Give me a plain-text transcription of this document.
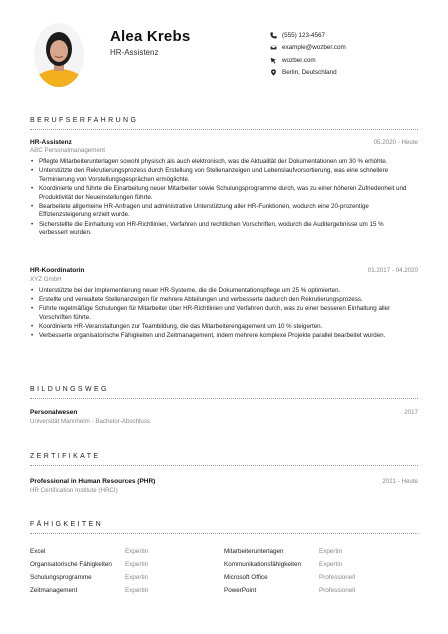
Alea Krebs
HR-Assistenz
(555) 123-4567
example@wozber.com
wozber.com
Berlin, Deutschland
BERUFSERFAHRUNG
HR-Assistenz	05.2020 - Heute
ABC Personalmanagement
• Pflegte Mitarbeiterunterlagen sowohl physisch als auch elektronisch, was die Aktualität der Dokumentationen um 30 % erhöhte.
• Unterstützte den Rekrutierungsprozess durch Erstellung von Stellenanzeigen und Lebenslaufvorsortierung, was eine schnellere Terminierung von Vorstellungsgesprächen ermöglichte.
• Koordinierte und führte die Einarbeitung neuer Mitarbeiter sowie Schulungsprogramme durch, was zu einer höheren Zufriedenheit und Produktivität der Neueinstellungen führte.
• Bearbeitete allgemeine HR-Anfragen und administrative Unterstützung aller HR-Funktionen, wodurch eine 20-prozentige Effizienzsteigerung erzielt wurde.
• Sicherstellte die Einhaltung von HR-Richtlinien, Verfahren und rechtlichen Vorschriften, wodurch die Auditergebnisse um 15 % verbessert wurden.
HR-Koordinatorin	01.2017 - 04.2020
XYZ GmbH
• Unterstützte bei der Implementierung neuer HR-Systeme, die die Dokumentationspflege um 25 % optimierten.
• Erstellte und verwaltete Stellenanzeigen für mehrere Abteilungen und verbesserte dadurch den Rekrutierungsprozess.
• Führte regelmäßige Schulungen für Mitarbeiter über HR-Richtlinien und Verfahren durch, was zu einer besseren Einhaltung aller Vorschriften führte.
• Koordinierte HR-Veranstaltungen zur Teambildung, die das Mitarbeiterengagement um 10 % steigerten.
• Verbesserte organisatorische Fähigkeiten und Zeitmanagement, indem mehrere komplexe Projekte parallel bearbeitet wurden.
BILDUNGSWEG
Personalwesen	2017
Universität Mannheim - Bachelor-Abschluss
ZERTIFIKATE
Professional in Human Resources (PHR)	2021 - Heute
HR Certification Institute (HRCI)
FÄHIGKEITEN
Excel	Expertin	Mitarbeiterunterlagen	Expertin
Organisatorische Fähigkeiten	Expertin	Kommunikationsfähigkeiten	Expertin
Schulungsprogramme	Expertin	Microsoft Office	Professionell
Zeitmanagement	Expertin	PowerPoint	Professionell
